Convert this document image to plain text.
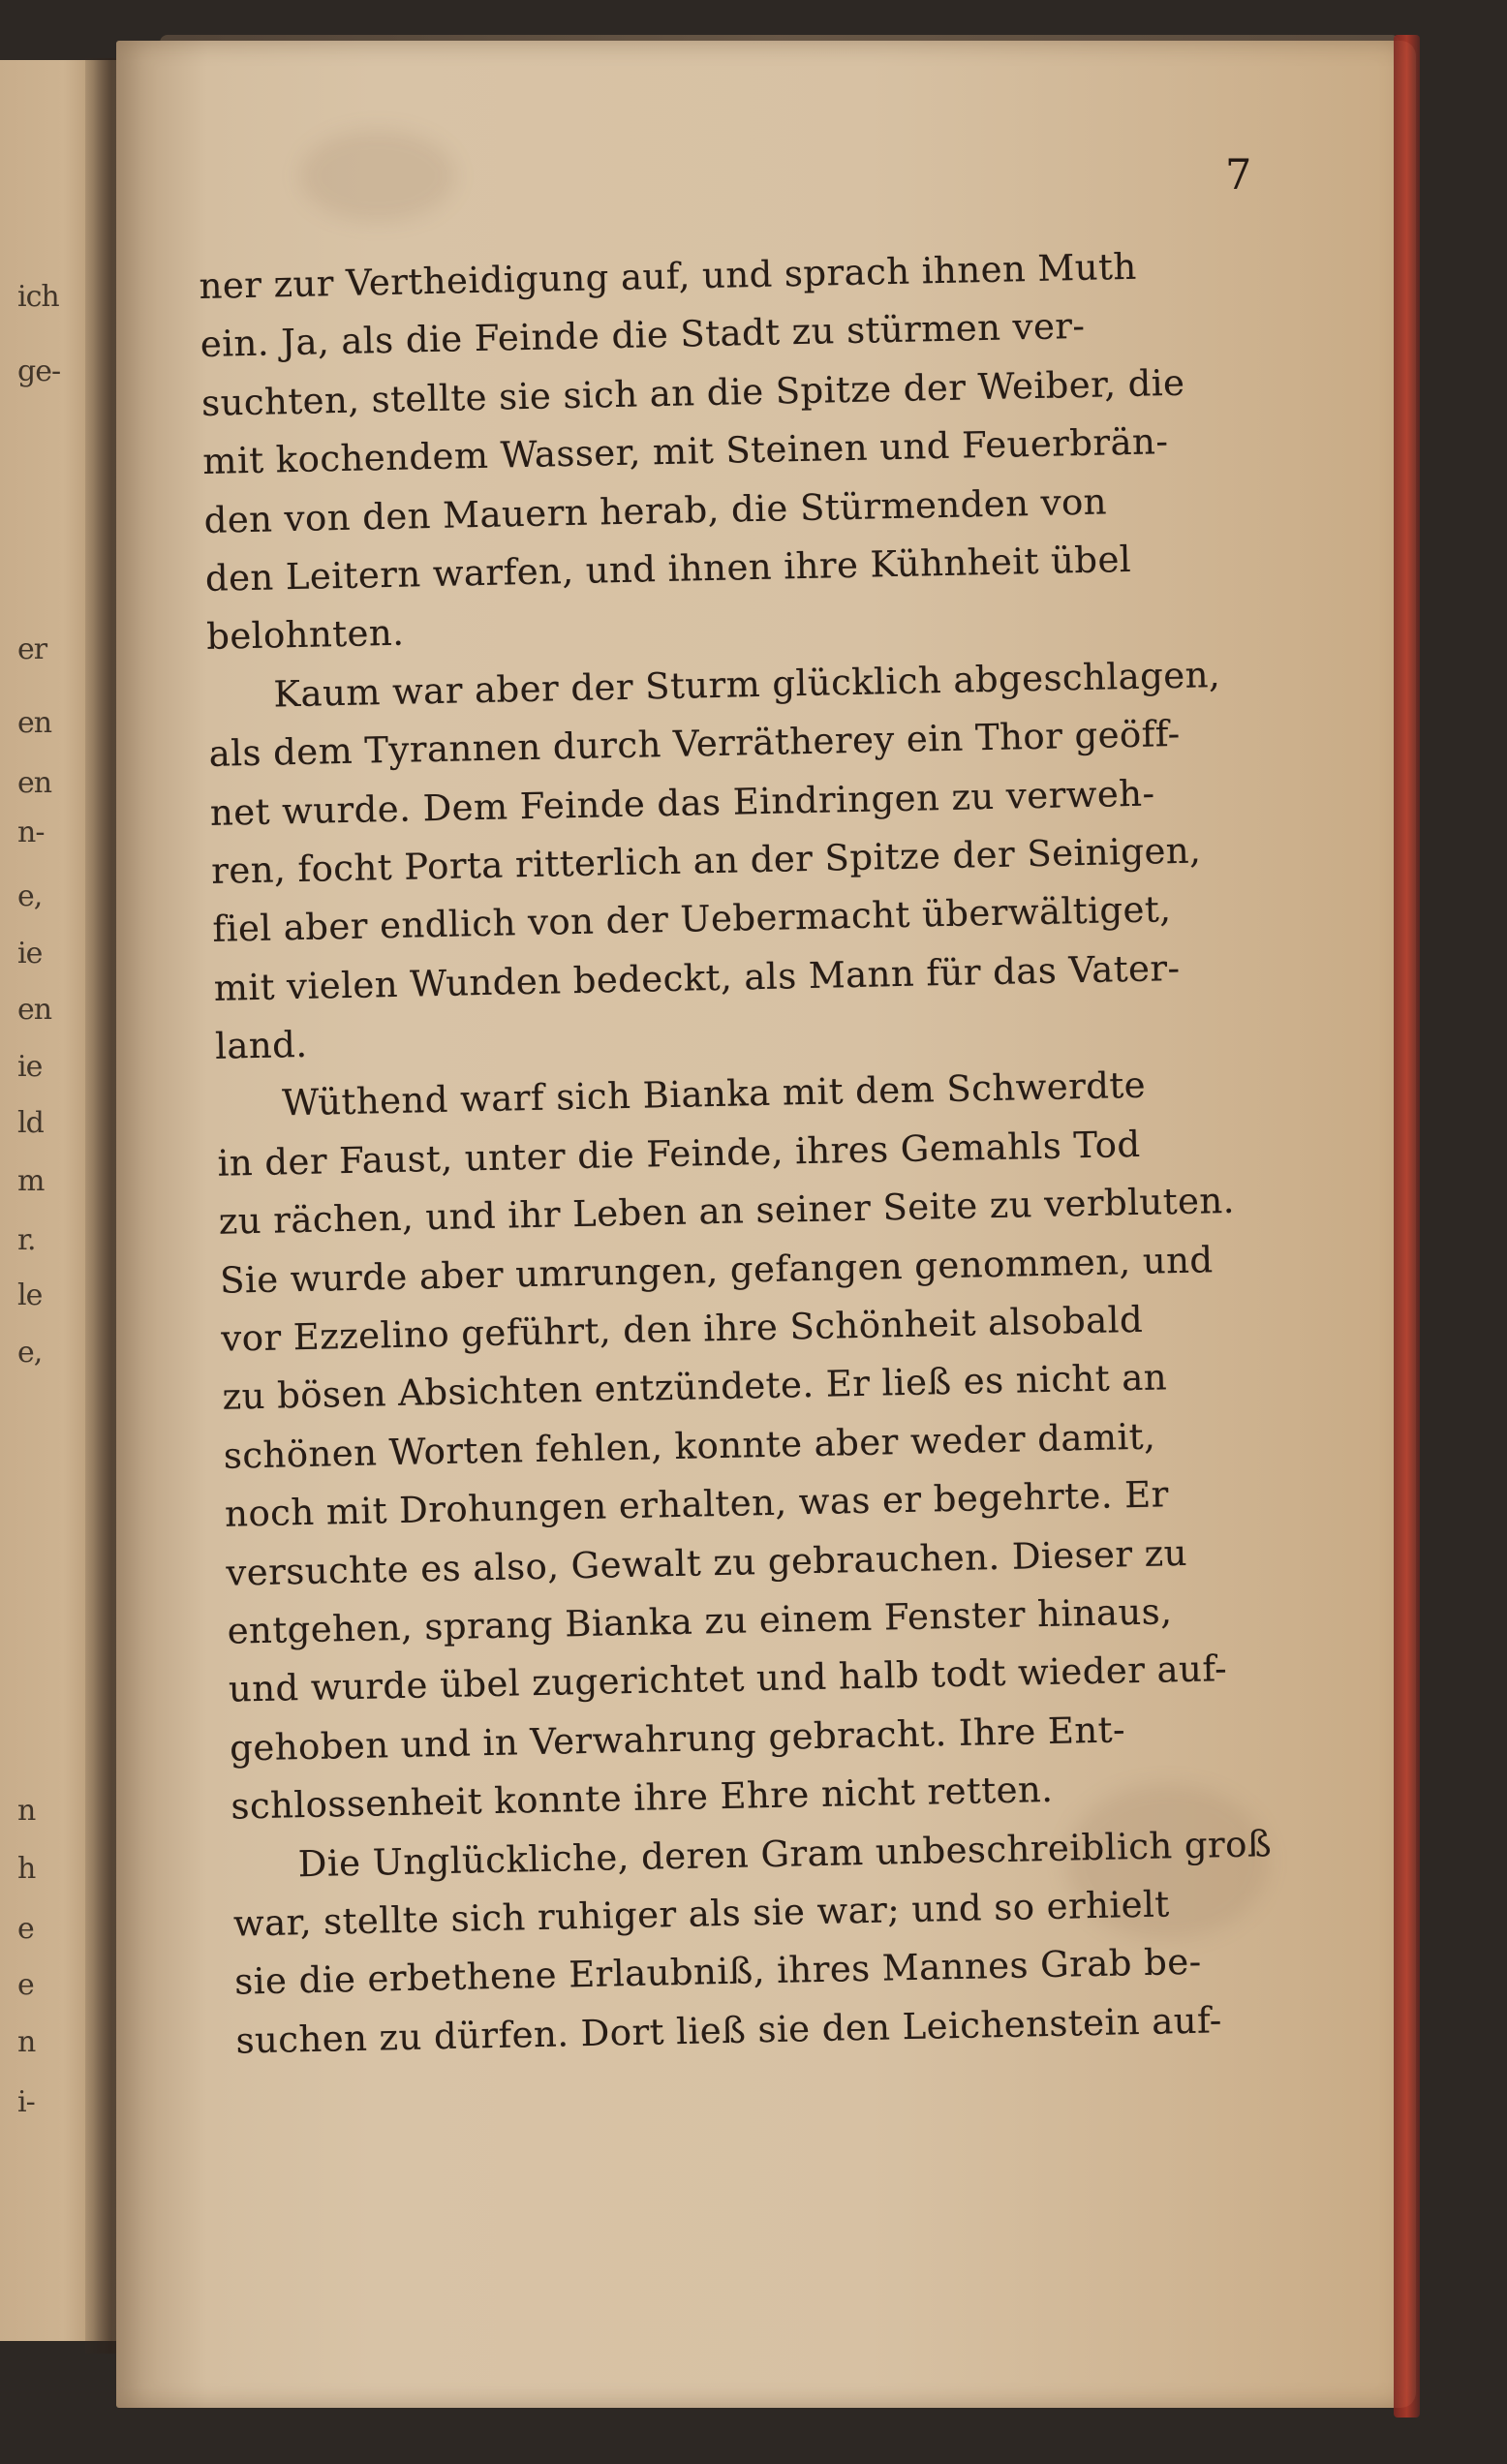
ich
ge-
er
en
en
n-
e,
ie
en
ie
ld
m
r.
le
e,
n
h
e
e
n
i-
7
ner zur Vertheidigung auf, und sprach ihnen Muth
ein. Ja, als die Feinde die Stadt zu stürmen ver-
suchten, stellte sie sich an die Spitze der Weiber, die
mit kochendem Wasser, mit Steinen und Feuerbrän-
den von den Mauern herab, die Stürmenden von
den Leitern warfen, und ihnen ihre Kühnheit übel
belohnten.
Kaum war aber der Sturm glücklich abgeschlagen,
als dem Tyrannen durch Verrätherey ein Thor geöff-
net wurde. Dem Feinde das Eindringen zu verweh-
ren, focht Porta ritterlich an der Spitze der Seinigen,
fiel aber endlich von der Uebermacht überwältiget,
mit vielen Wunden bedeckt, als Mann für das Vater-
land.
Wüthend warf sich Bianka mit dem Schwerdte
in der Faust, unter die Feinde, ihres Gemahls Tod
zu rächen, und ihr Leben an seiner Seite zu verbluten.
Sie wurde aber umrungen, gefangen genommen, und
vor Ezzelino geführt, den ihre Schönheit alsobald
zu bösen Absichten entzündete. Er ließ es nicht an
schönen Worten fehlen, konnte aber weder damit,
noch mit Drohungen erhalten, was er begehrte. Er
versuchte es also, Gewalt zu gebrauchen. Dieser zu
entgehen, sprang Bianka zu einem Fenster hinaus,
und wurde übel zugerichtet und halb todt wieder auf-
gehoben und in Verwahrung gebracht. Ihre Ent-
schlossenheit konnte ihre Ehre nicht retten.
Die Unglückliche, deren Gram unbeschreiblich groß
war, stellte sich ruhiger als sie war; und so erhielt
sie die erbethene Erlaubniß, ihres Mannes Grab be-
suchen zu dürfen. Dort ließ sie den Leichenstein auf-
